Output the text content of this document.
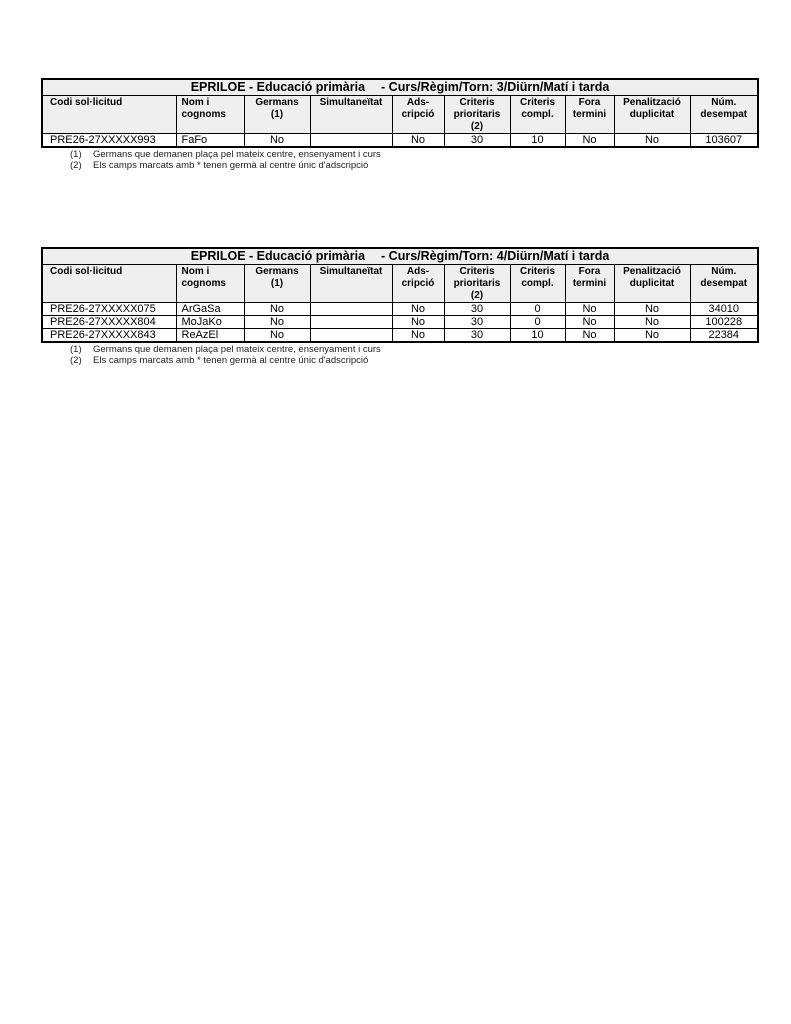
EPRILOE - Educació primària - Curs/Règim/Torn: 3/Diürn/Matí i tarda									
Codi sol·licitud	Nom i
cognoms	Germans
(1)	Simultaneïtat	Ads-
cripció	Criteris
prioritaris
(2)	Criteris
compl.	Fora
termini	Penalització
duplicitat	Núm.
desempat
PRE26-27XXXXX993	FaFo	No		No	30	10	No	No	103607
(1) Germans que demanen plaça pel mateix centre, ensenyament i curs
(2) Els camps marcats amb * tenen germà al centre únic d'adscripció
EPRILOE - Educació primària - Curs/Règim/Torn: 4/Diürn/Matí i tarda									
Codi sol·licitud	Nom i
cognoms	Germans
(1)	Simultaneïtat	Ads-
cripció	Criteris
prioritaris
(2)	Criteris
compl.	Fora
termini	Penalització
duplicitat	Núm.
desempat
PRE26-27XXXXX075	ArGaSa	No		No	30	0	No	No	34010
PRE26-27XXXXX804	MoJaKo	No		No	30	0	No	No	100228
PRE26-27XXXXX843	ReAzEl	No		No	30	10	No	No	22384
(1) Germans que demanen plaça pel mateix centre, ensenyament i curs
(2) Els camps marcats amb * tenen germà al centre únic d'adscripció
